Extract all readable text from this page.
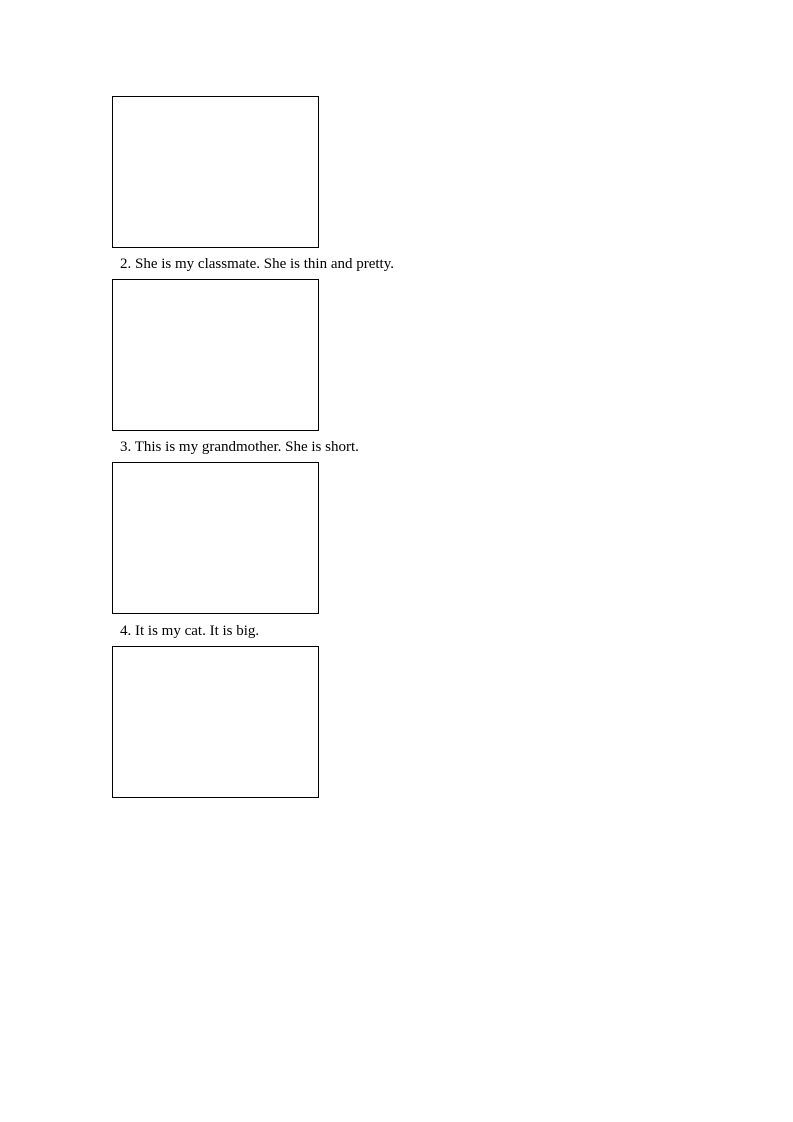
2. She is my classmate. She is thin and pretty.
3. This is my grandmother. She is short.
4. It is my cat. It is big.
